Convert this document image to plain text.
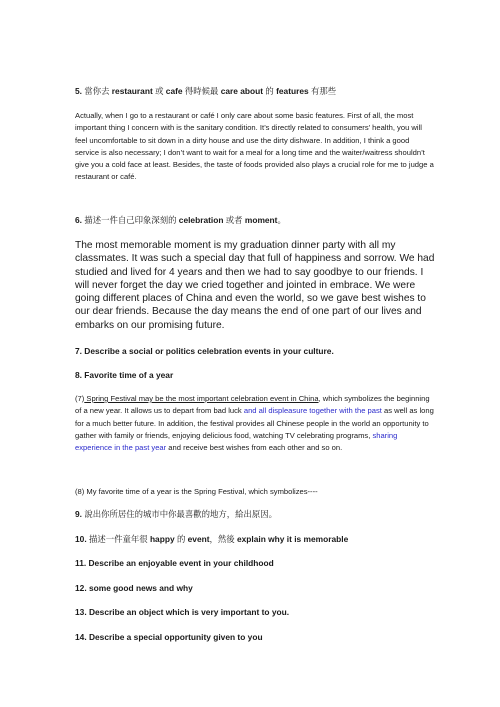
5. 當你去 restaurant 或 cafe 得時候最 care about 的 features 有那些

Actually, when I go to a restaurant or café I only care about some basic features. First of all, the most important thing I concern with is the sanitary condition. It’s directly related to consumers’ health, you will feel uncomfortable to sit down in a dirty house and use the dirty dishware. In addition, I think a good service is also necessary; I don’t want to wait for a meal for a long time and the waiter/waitress shouldn’t give you a cold face at least. Besides, the taste of foods provided also plays a crucial role for me to judge a restaurant or café.

6. 描述一件自己印象深刻的 celebration 或者 moment。

The most memorable moment is my graduation dinner party with all my classmates. It was such a special day that full of happiness and sorrow. We had studied and lived for 4 years and then we had to say goodbye to our friends. I will never forget the day we cried together and jointed in embrace. We were going different places of China and even the world, so we gave best wishes to our dear friends. Because the day means the end of one part of our lives and embarks on our promising future.

7. Describe a social or politics celebration events in your culture.

8. Favorite time of a year

(7) Spring Festival may be the most important celebration event in China, which symbolizes the beginning of a new year. It allows us to depart from bad luck and all displeasure together with the past as well as long for a much better future. In addition, the festival provides all Chinese people in the world an opportunity to gather with family or friends, enjoying delicious food, watching TV celebrating programs, sharing experience in the past year and receive best wishes from each other and so on.

(8) My favorite time of a year is the Spring Festival, which symbolizes----

9. 說出你所居住的城市中你最喜歡的地方，給出原因。

10. 描述一件童年很 happy 的 event，然後 explain why it is memorable

11. Describe an enjoyable event in your childhood

12. some good news and why

13. Describe an object which is very important to you.

14. Describe a special opportunity given to you
